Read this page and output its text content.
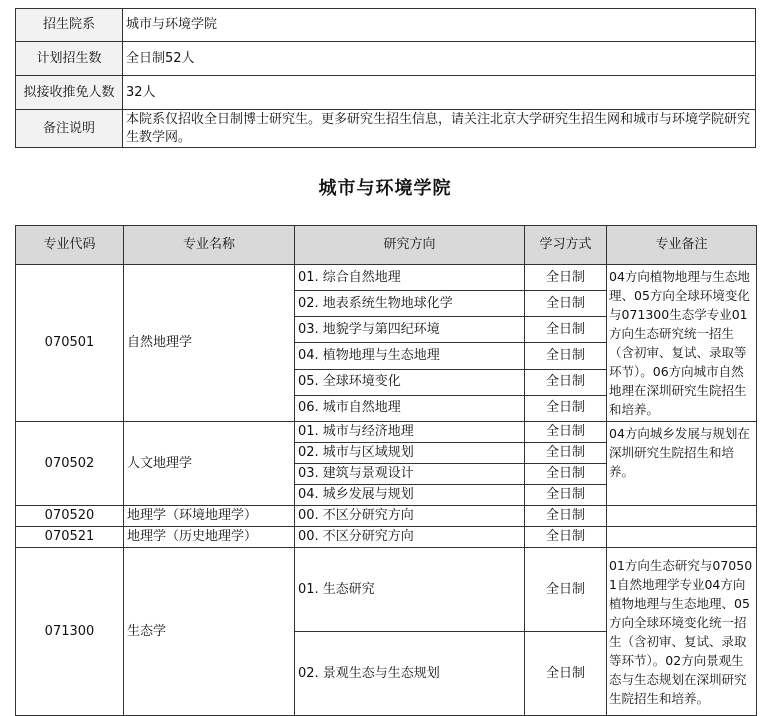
招生院系	城市与环境学院
计划招生数	全日制52人
拟接收推免人数	32人
备注说明	本院系仅招收全日制博士研究生。更多研究生招生信息，请关注北京大学研究生招生网和城市与环境学院研究生教学网。
城市与环境学院
专业代码	专业名称	研究方向	学习方式	专业备注
070501	自然地理学	01. 综合自然地理	全日制	04方向植物地理与生态地理、05方向全球环境变化与071300生态学专业01方向生态研究统一招生（含初审、复试、录取等环节）。06方向城市自然地理在深圳研究生院招生和培养。
		02. 地表系统生物地球化学	全日制	
		03. 地貌学与第四纪环境	全日制	
		04. 植物地理与生态地理	全日制	
		05. 全球环境变化	全日制	
		06. 城市自然地理	全日制	
070502	人文地理学	01. 城市与经济地理	全日制	04方向城乡发展与规划在深圳研究生院招生和培养。
		02. 城市与区域规划	全日制	
		03. 建筑与景观设计	全日制	
		04. 城乡发展与规划	全日制	
070520	地理学（环境地理学）	00. 不区分研究方向	全日制	
070521	地理学（历史地理学）	00. 不区分研究方向	全日制	
071300	生态学	01. 生态研究	全日制	01方向生态研究与070501自然地理学专业04方向植物地理与生态地理、05方向全球环境变化统一招生（含初审、复试、录取等环节）。02方向景观生态与生态规划在深圳研究生院招生和培养。
		02. 景观生态与生态规划	全日制	
